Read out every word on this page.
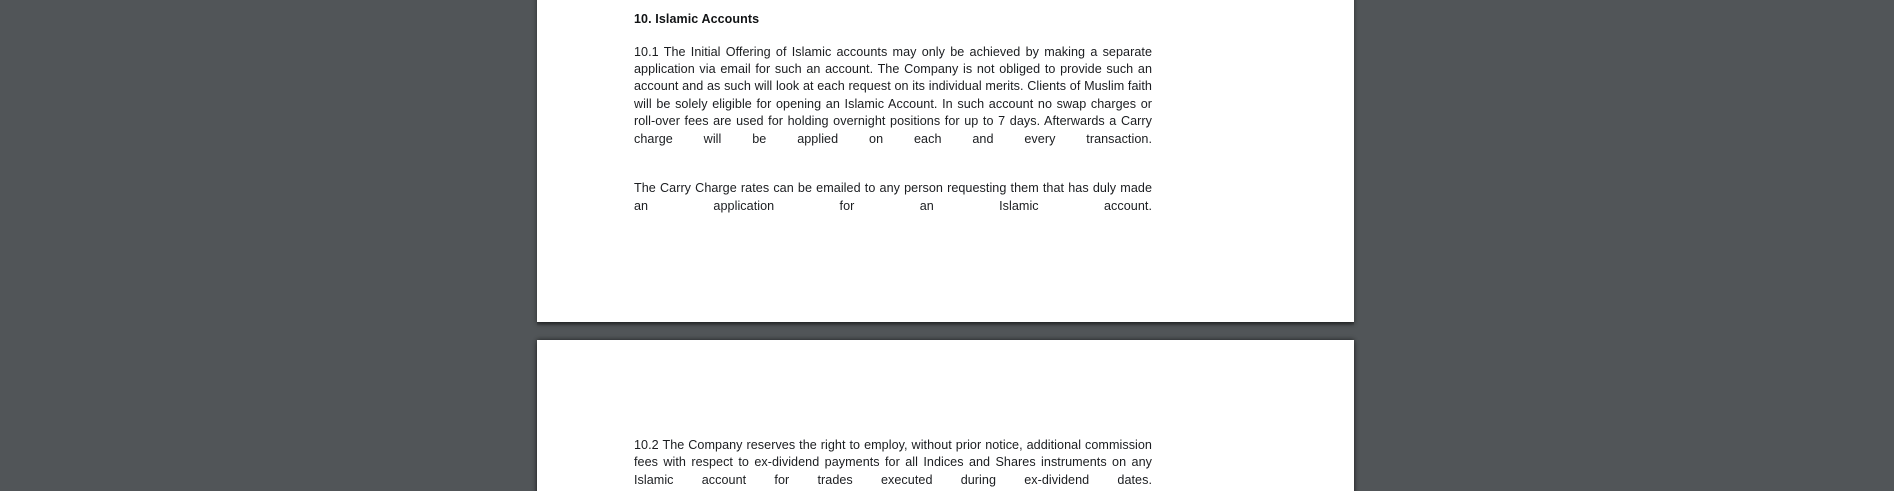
10. Islamic Accounts

10.1 The Initial Offering of Islamic accounts may only be achieved by making a separate application via email for such an account. The Company is not obliged to provide such an account and as such will look at each request on its individual merits. Clients of Muslim faith will be solely eligible for opening an Islamic Account. In such account no swap charges or roll-over fees are used for holding overnight positions for up to 7 days. Afterwards a Carry charge will be applied on each and every transaction.

The Carry Charge rates can be emailed to any person requesting them that has duly made an application for an Islamic account.

10.2 The Company reserves the right to employ, without prior notice, additional commission fees with respect to ex-dividend payments for all Indices and Shares instruments on any Islamic account for trades executed during ex-dividend dates.
